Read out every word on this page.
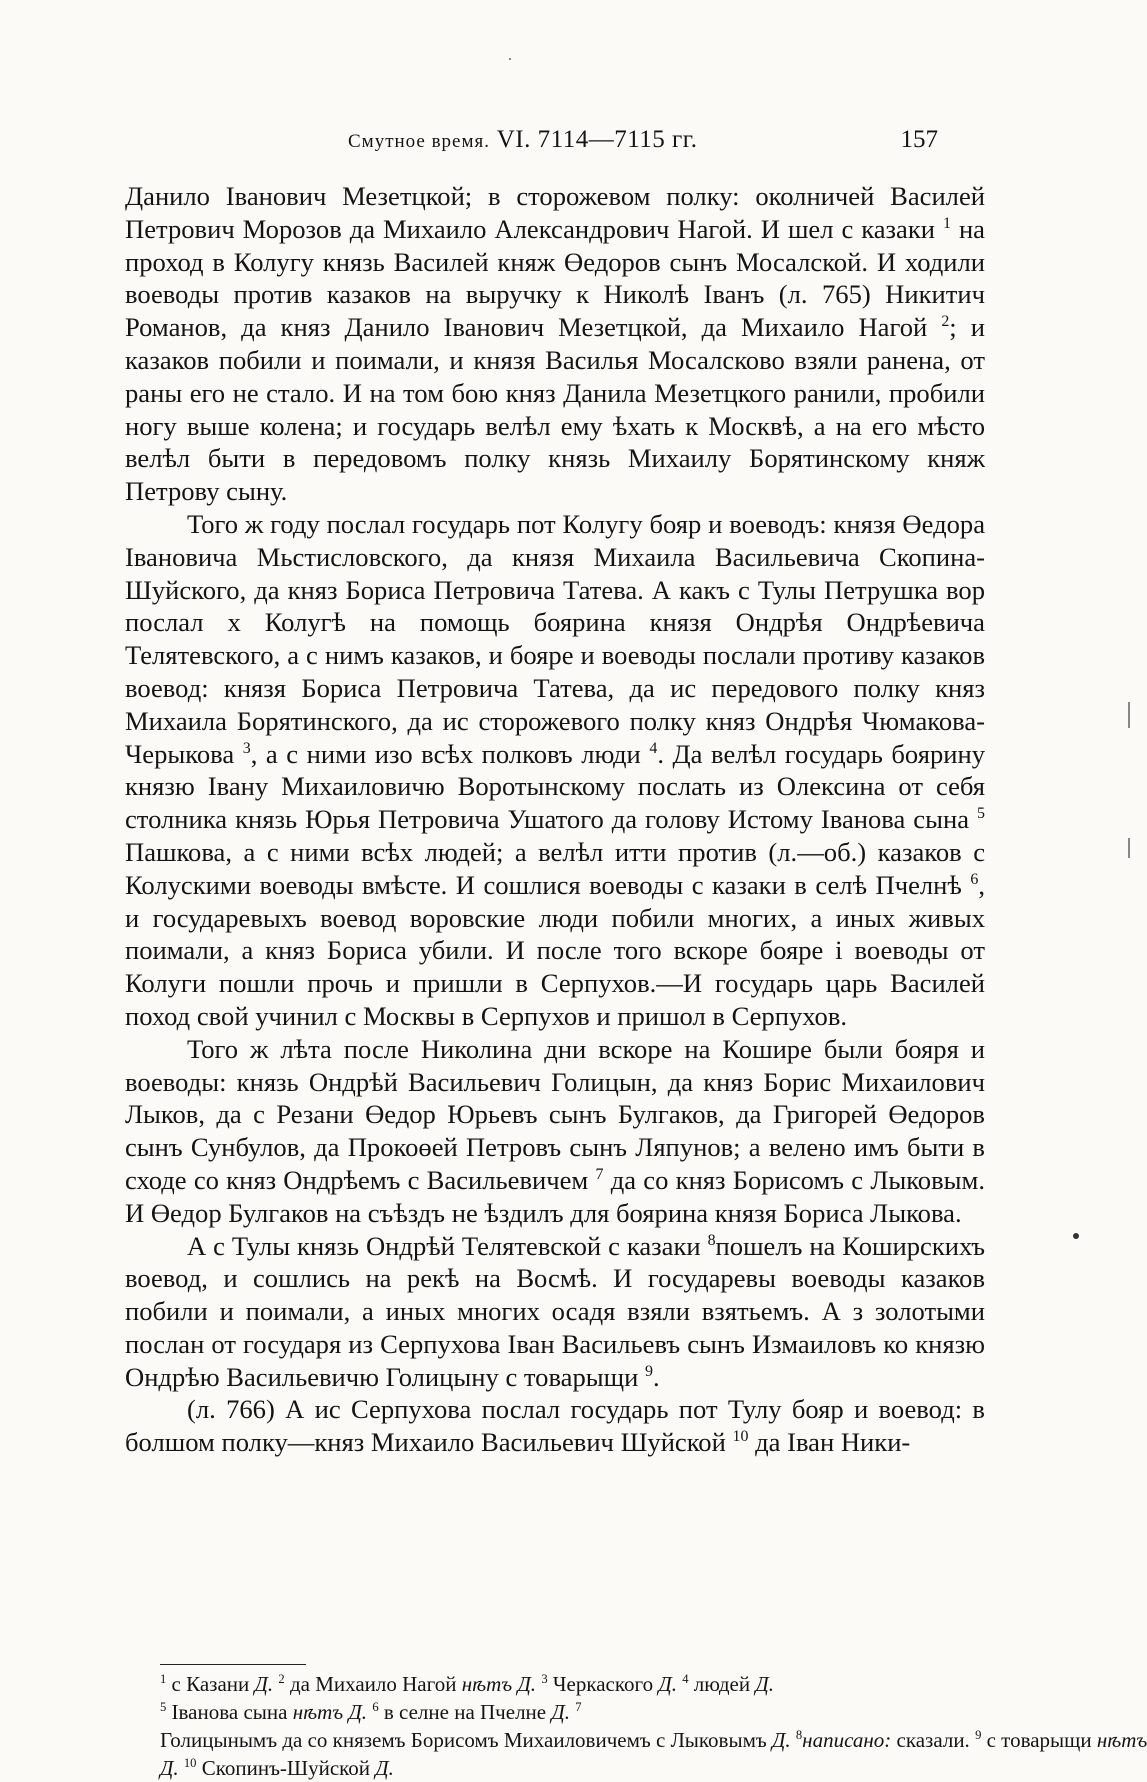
Смутное время. VI. 7114—7115 гг.	157

Данило Іванович Мезетцкой; в сторожевом полку: околничей Василей Петрович Морозов да Михаило Александрович Нагой. И шел с казаки $^1$ на проход в Колугу князь Василей княж Өедоров сынъ Мосалской. И ходили воеводы против казаков на выручку к Николѣ Іванъ (л. 765) Никитич Романов, да княз Данило Іванович Мезетцкой, да Михаило Нагой $^2$; и казаков побили и поимали, и князя Василья Мосалсково взяли ранена, от раны его не стало. И на том бою княз Данила Мезетцкого ранили, пробили ногу выше колена; и государь велѣл ему ѣхать к Москвѣ, а на его мѣсто велѣл быти в передовомъ полку князь Михаилу Борятинскому княж Петрову сыну.

Того ж году послал государь пот Колугу бояр и воеводъ: князя Өедора Івановича Мьстисловского, да князя Михаила Васильевича Скопина-Шуйского, да княз Бориса Петровича Татева. А какъ с Тулы Петрушка вор послал х Колугѣ на помощь боярина князя Ондрѣя Ондрѣевича Телятевского, а с нимъ казаков, и бояре и воеводы послали противу казаков воевод: князя Бориса Петровича Татева, да ис передового полку княз Михаила Борятинского, да ис сторожевого полку княз Ондрѣя Чюмакова-Черыкова $^3$, а с ними изо всѣх полковъ люди $^4$. Да велѣл государь боярину князю Івану Михаиловичю Воротынскому послать из Олексина от себя столника князь Юрья Петровича Ушатого да голову Истому Іванова сына $^5$ Пашкова, а с ними всѣх людей; а велѣл итти против (л.—об.) казаков с Колускими воеводы вмѣсте. И сошлися воеводы с казаки в селѣ Пчелнѣ $^6$, и государевыхъ воевод воровские люди побили многих, а иных живых поимали, а княз Бориса убили. И после того вскоре бояре і воеводы от Колуги пошли прочь и пришли в Серпухов.—И государь царь Василей поход свой учинил с Москвы в Серпухов и пришол в Серпухов.

Того ж лѣта после Николина дни вскоре на Кошире были бояря и воеводы: князь Ондрѣй Васильевич Голицын, да княз Борис Михаилович Лыков, да с Резани Өедор Юрьевъ сынъ Булгаков, да Григорей Өедоров сынъ Сунбулов, да Прокоөей Петровъ сынъ Ляпунов; а велено имъ быти в сходе со княз Ондрѣемъ с Васильевичем $^7$ да со княз Борисомъ с Лыковым. И Өедор Булгаков на съѣздъ не ѣздилъ для боярина князя Бориса Лыкова.

А с Тулы князь Ондрѣй Телятевской с казаки $^8$пошелъ на Коширскихъ воевод, и сошлись на рекѣ на Восмѣ. И государевы воеводы казаков побили и поимали, а иных многих осадя взяли взятьемъ. А з золотыми послан от государя из Серпухова Іван Васильевъ сынъ Измаиловъ ко князю Ондрѣю Васильевичю Голицыну с товарыщи $^9$.

(л. 766) А ис Серпухова послал государь пот Тулу бояр и воевод: в болшом полку—княз Михаило Васильевич Шуйской $^{10}$ да Іван Ники-

$^1$ с Казани Д. $^2$ да Михаило Нагой нѣтъ Д. $^3$ Черкаского Д. $^4$ людей Д.
$^5$ Іванова сына нѣтъ Д. $^6$ в селне на Пчелне Д. $^7$
Голицынымъ да со княземъ Борисомъ Михаиловичемъ с Лыковымъ Д. $^8$написано: сказали. $^9$ с товарыщи нѣтъ
Д. $^{10}$ Скопинъ-Шуйской Д.
